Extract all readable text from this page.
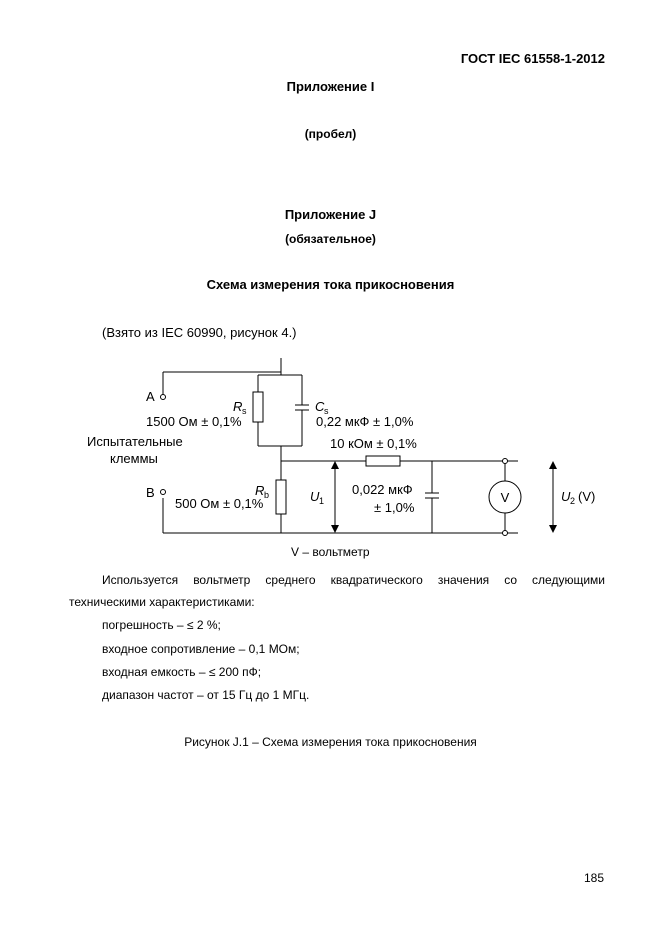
ГОСТ IEC 61558-1-2012
Приложение I
(пробел)
Приложение J
(обязательное)
Схема измерения тока прикосновения
(Взято из IEC 60990, рисунок 4.)
A
B
Испытательные
клеммы
R s
1500 Ом ± 0,1%
C s
0,22 мкФ ± 1,0%
10 кОм ± 0,1%
R b
500 Ом ± 0,1%	U 1
0,022 мкФ
± 1,0%
V	U 2 (V)
V – вольтметр
Используется вольтметр среднего квадратического значения со следующими
техническими характеристиками:
погрешность – ≤ 2 %;
входное сопротивление – 0,1 МОм;
входная емкость – ≤ 200 пФ;
диапазон частот – от 15 Гц до 1 МГц.
Рисунок J.1 – Схема измерения тока прикосновения
185
